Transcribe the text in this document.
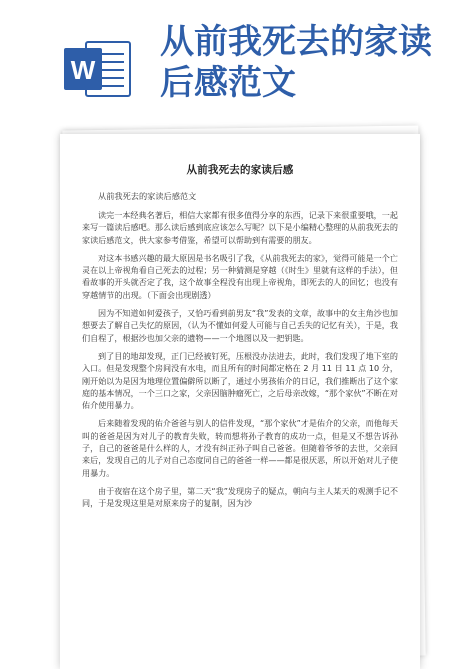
W
从前我死去的家读
后感范文
从前我死去的家读后感
从前我死去的家读后感范文

读完一本经典名著后，相信大家都有很多值得分享的东西，记录下来很重要哦，一起来写一篇读后感吧。那么读后感到底应该怎么写呢？以下是小编精心整理的从前我死去的家读后感范文，供大家参考借鉴，希望可以帮助到有需要的朋友。

对这本书感兴趣的最大原因是书名吸引了我，《从前我死去的家》，觉得可能是一个亡灵在以上帝视角看自己死去的过程；另一种猜测是穿越（《时生》里就有这样的手法），但看故事的开头就否定了我，这个故事全程没有出现上帝视角，即死去的人的回忆；也没有穿越情节的出现。（下面会出现剧透）

因为不知道如何爱孩子，又恰巧看到前男友“我”发表的文章，故事中的女主角沙也加想要去了解自己失忆的原因，（认为不懂如何爱人可能与自己丢失的记忆有关），于是，我们自程了，根据沙也加父亲的遗物——一个地图以及一把钥匙。

到了目的地却发现，正门已经被钉死，压根没办法进去，此时，我们发现了地下室的入口。但是发现整个房间没有水电，而且所有的时间都定格在 2 月 11 日 11 点 10 分，刚开始以为是因为地理位置偏僻所以断了，通过小男孩佑介的日记，我们推断出了这个家庭的基本情况，一个三口之家，父亲因脑肿瘤死亡，之后母亲改嫁，“那个家伙”不断在对佑介使用暴力。

后来随着发现的佑介爸爸与别人的信件发现，“那个家伙”才是佑介的父亲，而他每天叫的爸爸是因为对儿子的教育失败，转而想将孙子教育的成功一点，但是又不想告诉孙子，自己的爸爸是什么样的人，才没有纠正孙子叫自己爸爸。但随着爷爷的去世，父亲回来后，发现自己的儿子对自己态度同自己的爸爸一样——都是很厌恶，所以开始对儿子使用暴力。

由于夜宿在这个房子里，第二天“我”发现房子的疑点，朝向与主人某天的观测手记不同，于是发现这里是对原来房子的复制，因为沙
